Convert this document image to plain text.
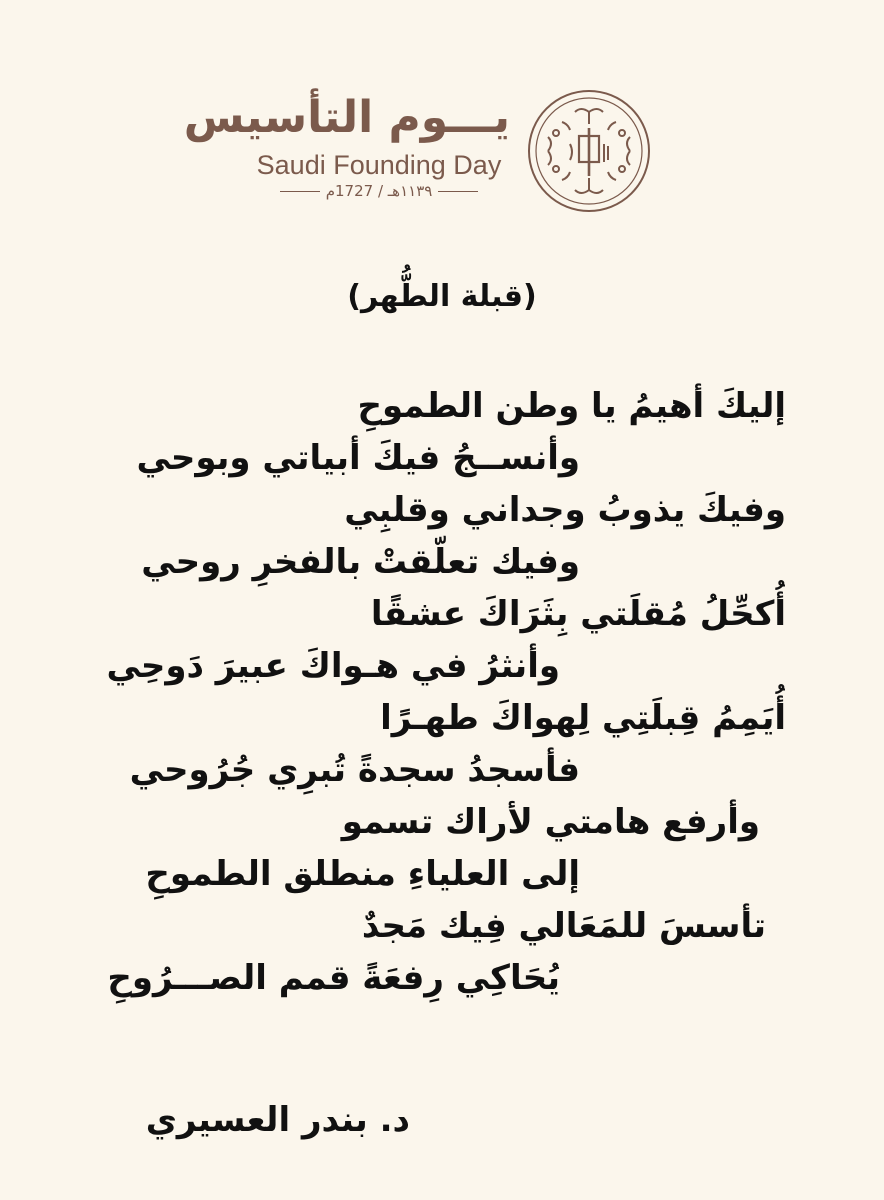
يـــوم التأسيس
Saudi Founding Day
١١٣٩هـ / 1727م
(قبلة الطُّهر)
إليكَ أهيمُ يا وطن الطموحِ
وأنســجُ فيكَ أبياتي وبوحي
وفيكَ يذوبُ وجداني وقلبِي
وفيك تعلّقتْ بالفخرِ روحي
أُكحِّلُ مُقلَتي بِثَرَاكَ عشقًا
وأنثرُ في هـواكَ عبيرَ دَوحِي
أُيَمِمُ قِبلَتِي لِهواكَ طهـرًا
فأسجدُ سجدةً تُبرِي جُرُوحي
وأرفع هامتي لأراك تسمو
إلى العلياءِ منطلق الطموحِ
تأسسَ للمَعَالي فِيك مَجدٌ
يُحَاكِي رِفعَةً قمم الصـــرُوحِ
د. بندر العسيري
